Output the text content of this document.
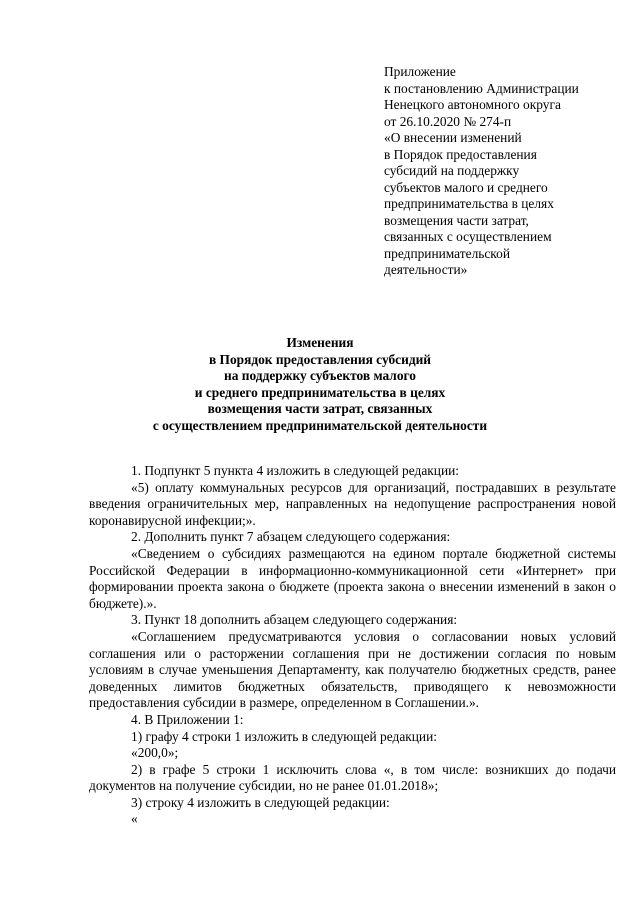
Приложение
к постановлению Администрации
Ненецкого автономного округа
от 26.10.2020 № 274-п
«О внесении изменений
в Порядок предоставления
субсидий на поддержку
субъектов малого и среднего
предпринимательства в целях
возмещения части затрат,
связанных с осуществлением
предпринимательской
деятельности»
Изменения
в Порядок предоставления субсидий
на поддержку субъектов малого
и среднего предпринимательства в целях
возмещения части затрат, связанных
с осуществлением предпринимательской деятельности

1. Подпункт 5 пункта 4 изложить в следующей редакции:

«5) оплату коммунальных ресурсов для организаций, пострадавших в результате введения ограничительных мер, направленных на недопущение распространения новой коронавирусной инфекции;».

2. Дополнить пункт 7 абзацем следующего содержания:

«Сведением о субсидиях размещаются на едином портале бюджетной системы Российской Федерации в информационно-коммуникационной сети «Интернет» при формировании проекта закона о бюджете (проекта закона о внесении изменений в закон о бюджете).».

3. Пункт 18 дополнить абзацем следующего содержания:

«Соглашением предусматриваются условия о согласовании новых условий соглашения или о расторжении соглашения при не достижении согласия по новым условиям в случае уменьшения Департаменту, как получателю бюджетных средств, ранее доведенных лимитов бюджетных обязательств, приводящего к невозможности предоставления субсидии в размере, определенном в Соглашении.».

4. В Приложении 1:

1) графу 4 строки 1 изложить в следующей редакции:

«200,0»;

2) в графе 5 строки 1 исключить слова «, в том числе: возникших до подачи документов на получение субсидии, но не ранее 01.01.2018»;

3) строку 4 изложить в следующей редакции:

«
